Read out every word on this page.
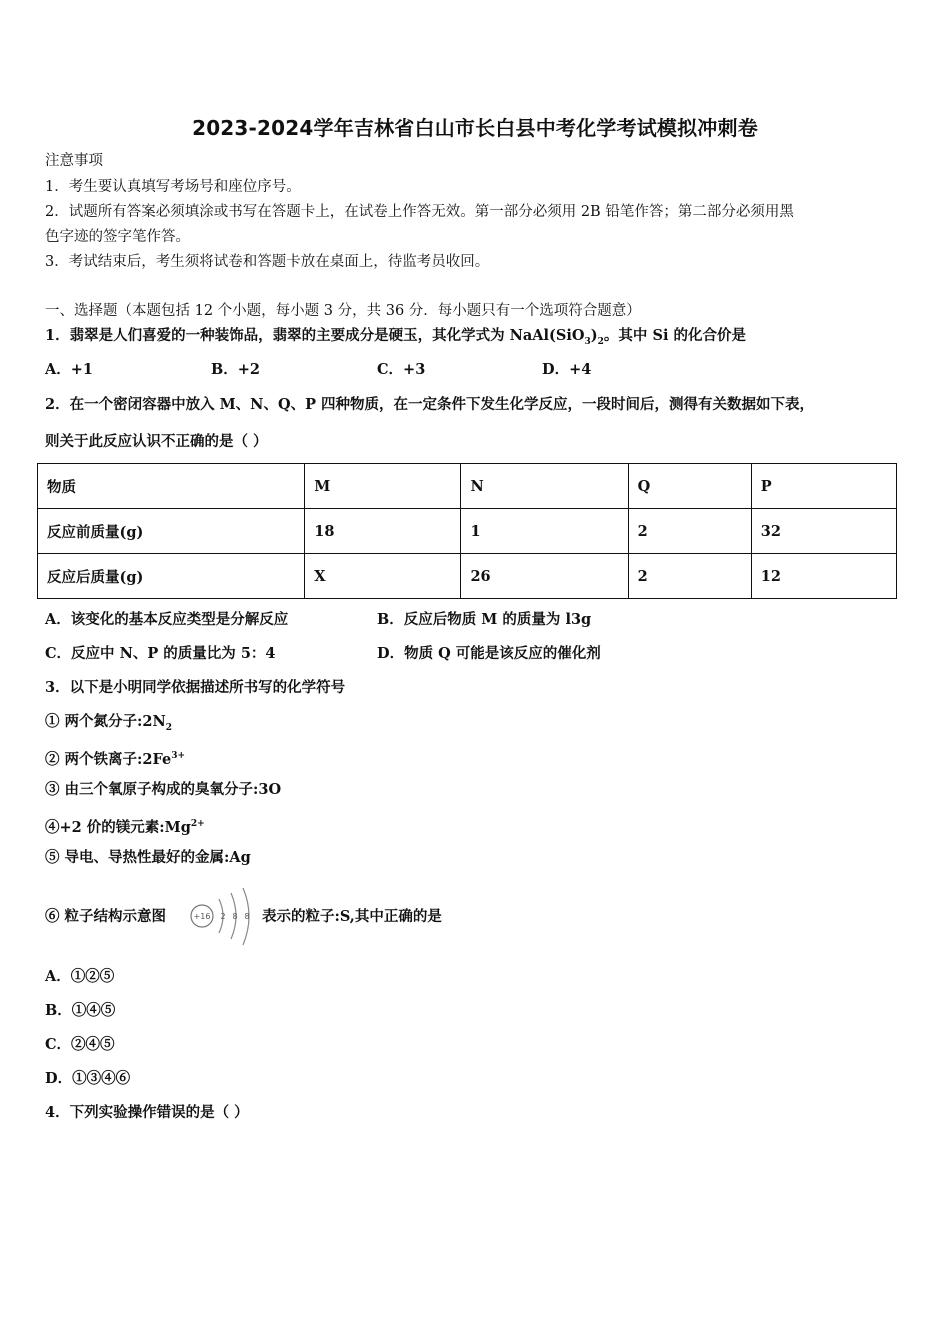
2023-2024学年吉林省白山市长白县中考化学考试模拟冲刺卷
注意事项
1．考生要认真填写考场号和座位序号。
2．试题所有答案必须填涂或书写在答题卡上，在试卷上作答无效。第一部分必须用 2B 铅笔作答；第二部分必须用黑
色字迹的签字笔作答。
3．考试结束后，考生须将试卷和答题卡放在桌面上，待监考员收回。
一、选择题（本题包括 12 个小题，每小题 3 分，共 36 分．每小题只有一个选项符合题意）
1．翡翠是人们喜爱的一种装饰品，翡翠的主要成分是硬玉，其化学式为 $NaAl(SiO_3)_2$。其中 Si 的化合价是
A．+1	B．+2	C．+3	D．+4
2．在一个密闭容器中放入 M、N、Q、P 四种物质，在一定条件下发生化学反应，一段时间后，测得有关数据如下表，
则关于此反应认识不正确的是（ ）
物质	M	N	Q	P
反应前质量(g)	18	1	2	32
反应后质量(g)	X	26	2	12
A．该变化的基本反应类型是分解反应	B．反应后物质 M 的质量为 l3g
C．反应中 N、P 的质量比为 5：4	D．物质 Q 可能是该反应的催化剂
3．以下是小明同学依据描述所书写的化学符号
① 两个氮分子$:2N_2$
② 两个铁离子$:2Fe^{3+}$
③ 由三个氧原子构成的臭氧分子:3O
④+2 价的镁元素$:Mg^{2+}$
⑤ 导电、导热性最好的金属:Ag
⑥ 粒子结构示意图	+16 2 8 8 表示的粒子:S,其中正确的是
A．①②⑤
B．①④⑤
C．②④⑤
D．①③④⑥
4．下列实验操作错误的是（ ）
